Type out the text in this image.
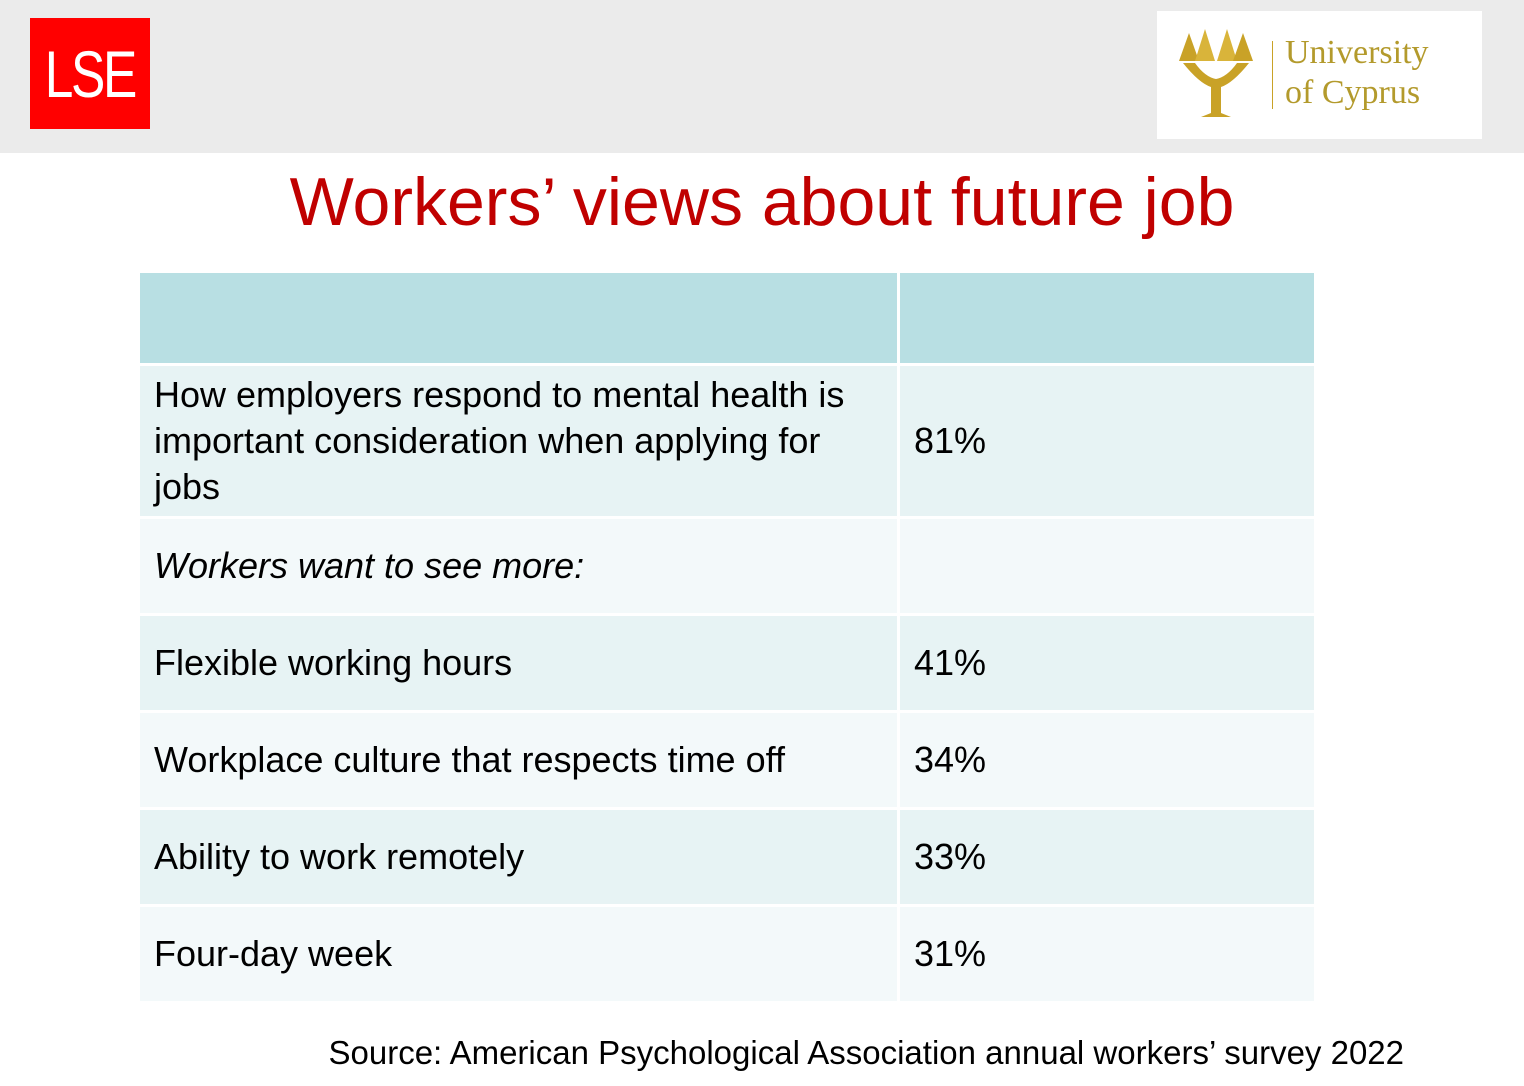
LSE	University
of Cyprus
Workers’ views about future job

How employers respond to mental health is important consideration when applying for jobs	81%
Workers want to see more:	
Flexible working hours	41%
Workplace culture that respects time off	34%
Ability to work remotely	33%
Four-day week	31%

Source: American Psychological Association annual workers’ survey 2022
